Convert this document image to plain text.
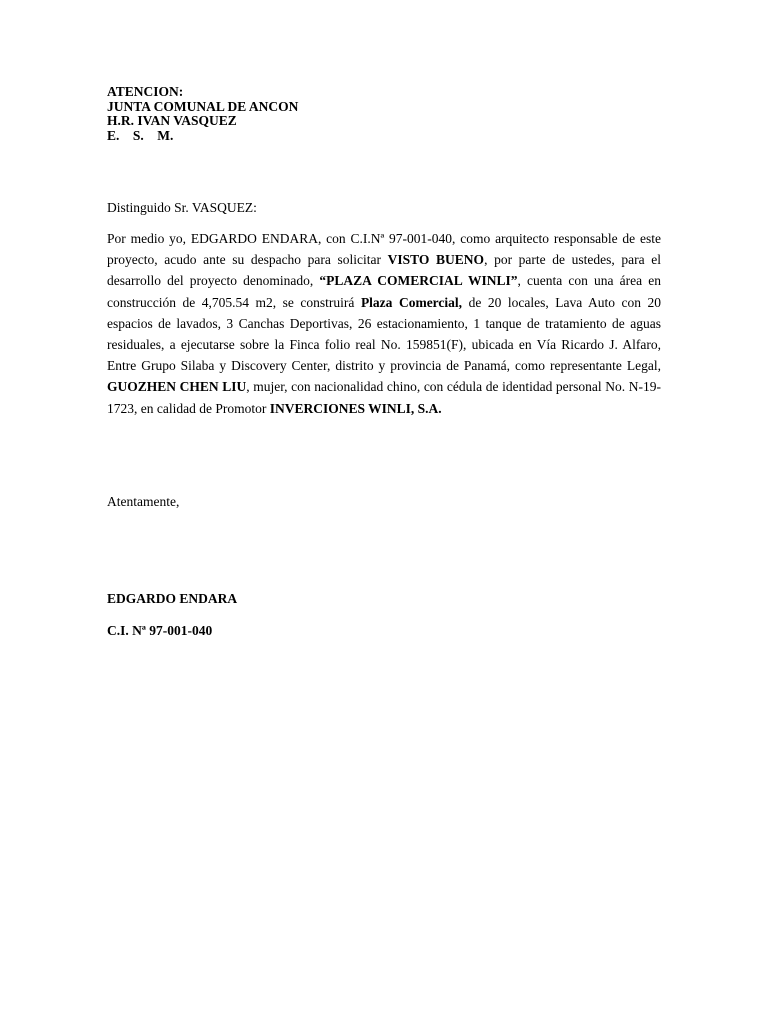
ATENCION:
JUNTA COMUNAL DE ANCON
H.R. IVAN VASQUEZ
E.    S.    M.
Distinguido Sr. VASQUEZ:
Por medio yo, EDGARDO ENDARA, con C.I.Nª 97-001-040, como arquitecto responsable de este proyecto, acudo ante su despacho para solicitar VISTO BUENO, por parte de ustedes, para el desarrollo del proyecto denominado, “PLAZA COMERCIAL WINLI”, cuenta con una área en construcción de 4,705.54 m2, se construirá Plaza Comercial, de 20 locales, Lava Auto con 20 espacios de lavados, 3 Canchas Deportivas, 26 estacionamiento, 1 tanque de tratamiento de aguas residuales, a ejecutarse sobre la Finca folio real No. 159851(F), ubicada en Vía Ricardo J. Alfaro, Entre Grupo Silaba y Discovery Center, distrito y provincia de Panamá, como representante Legal, GUOZHEN CHEN LIU, mujer, con nacionalidad chino, con cédula de identidad personal No. N-19-1723, en calidad de Promotor INVERCIONES WINLI, S.A.
Atentamente,
EDGARDO ENDARA
C.I. Nª 97-001-040
